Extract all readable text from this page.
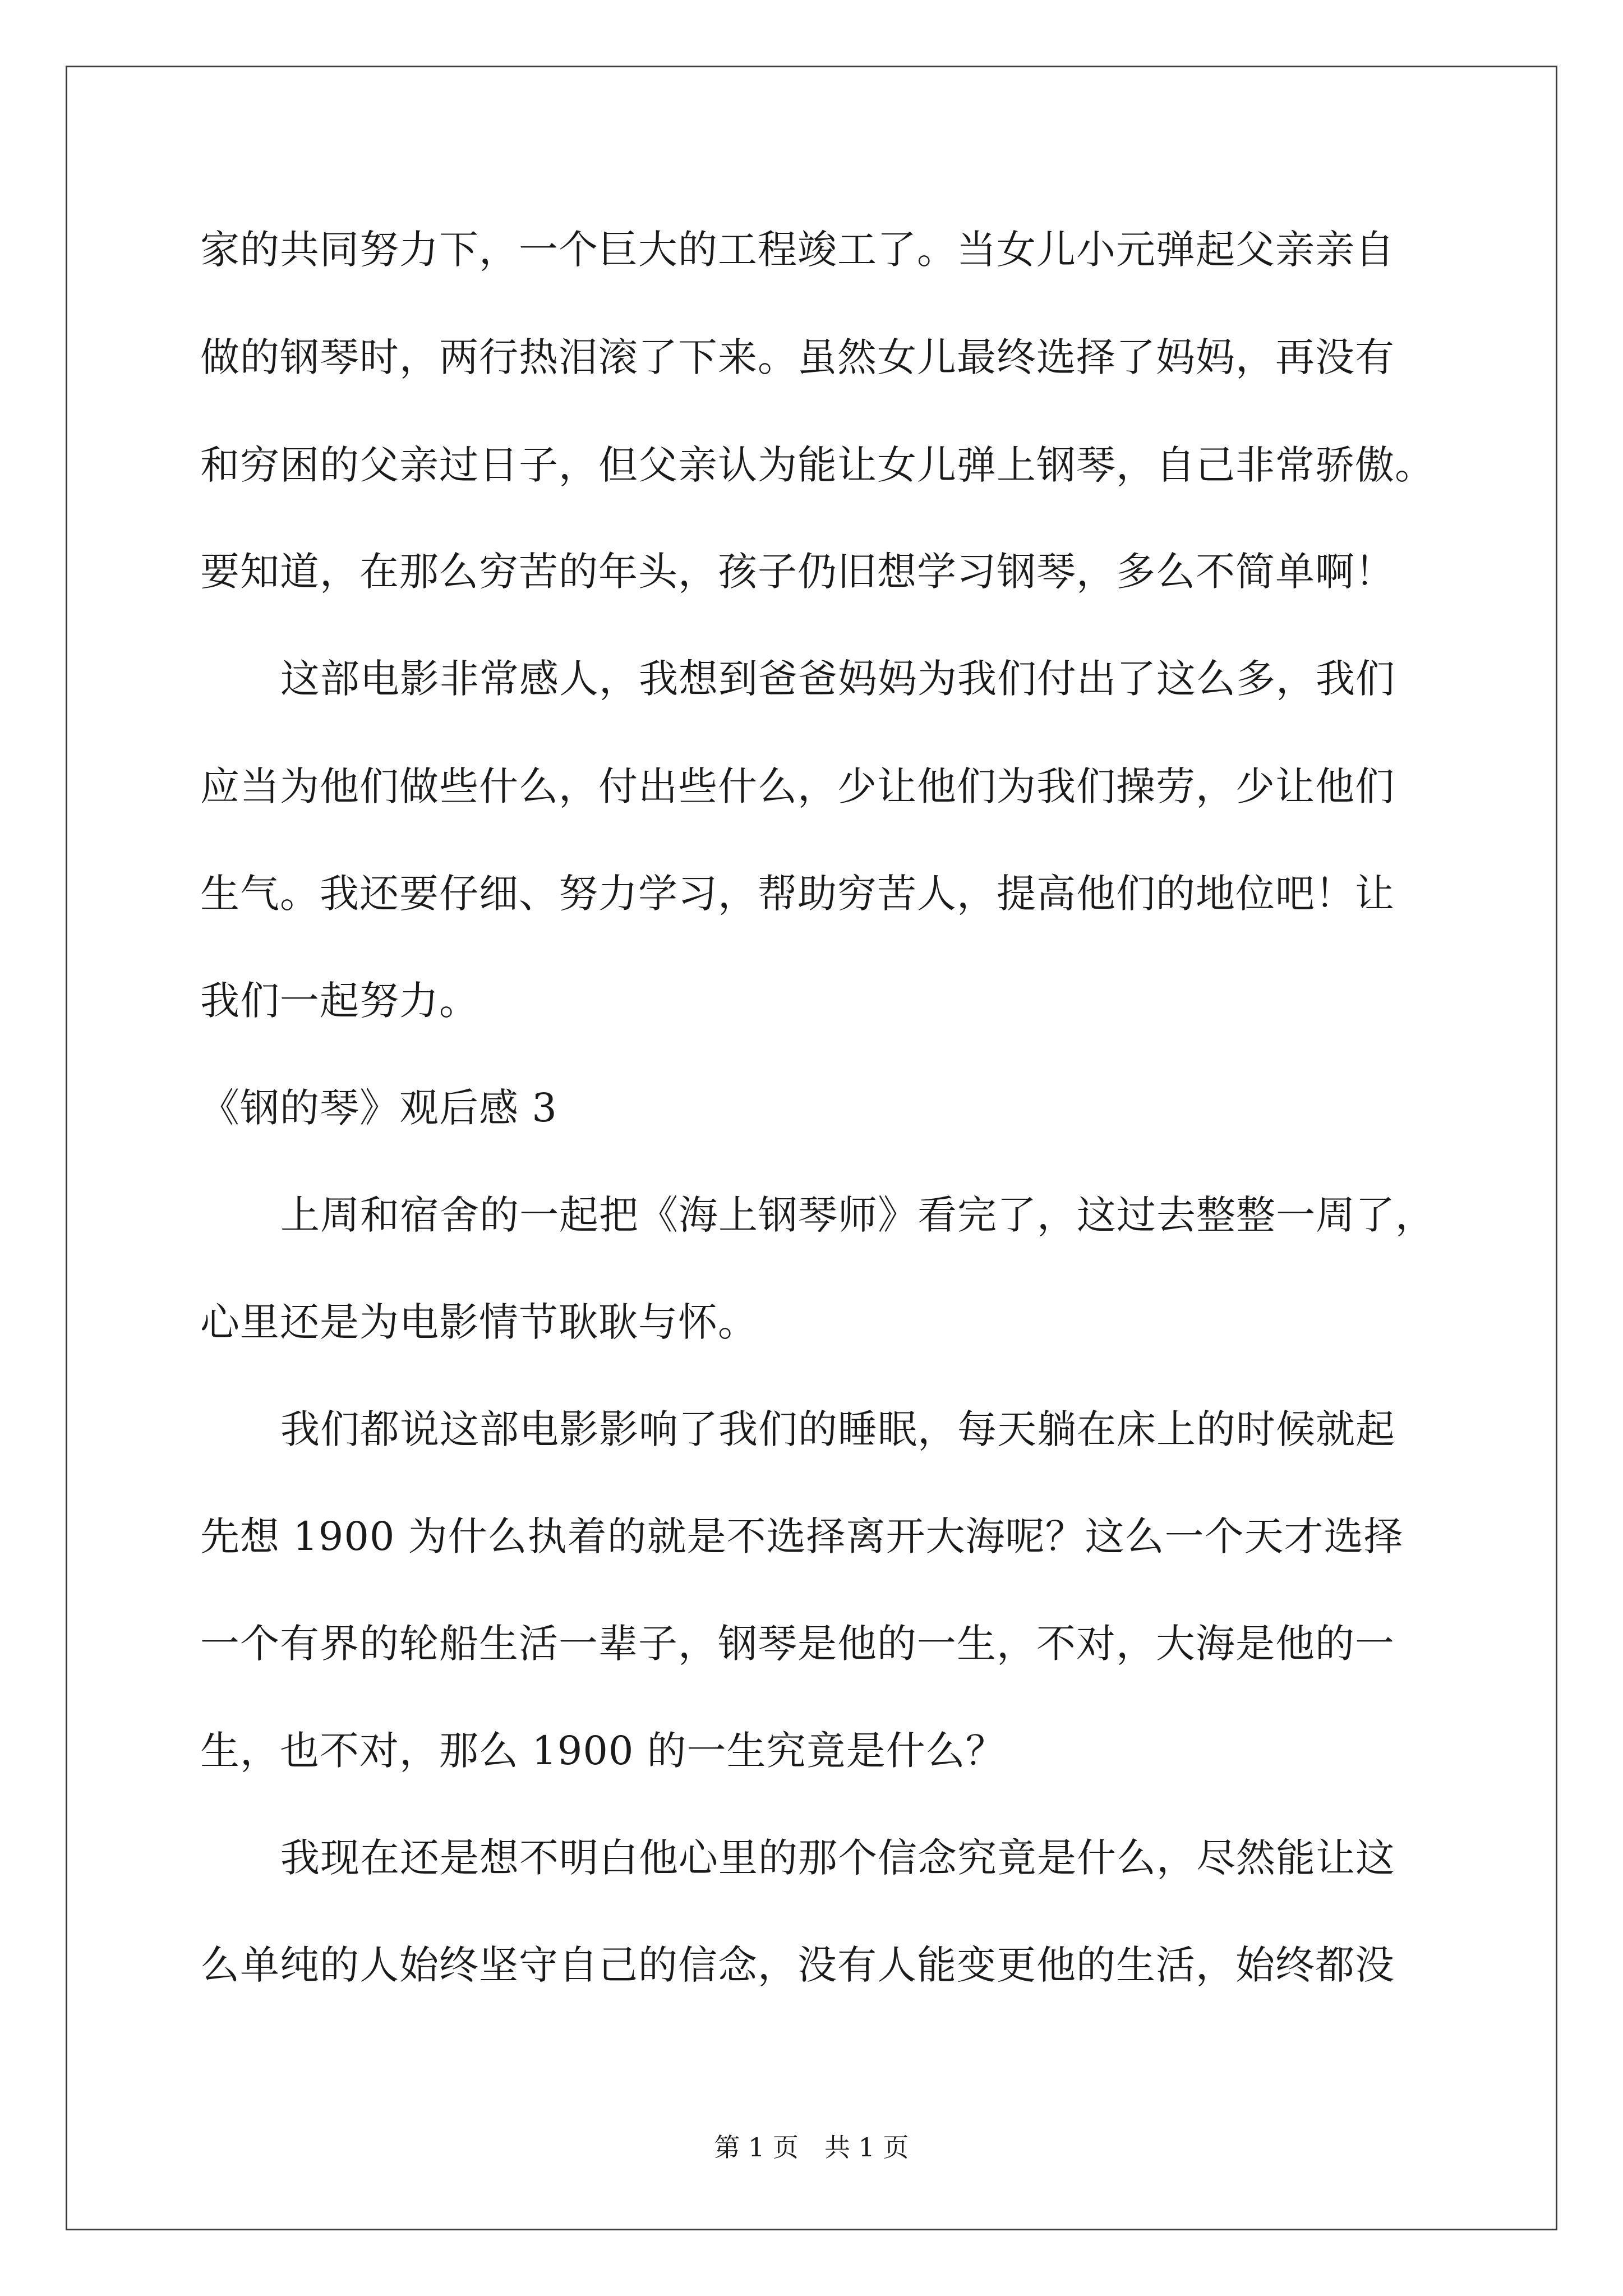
家的共同努力下，一个巨大的工程竣工了。当女儿小元弹起父亲亲自
做的钢琴时，两行热泪滚了下来。虽然女儿最终选择了妈妈，再没有
和穷困的父亲过日子，但父亲认为能让女儿弹上钢琴，自己非常骄傲。
要知道，在那么穷苦的年头，孩子仍旧想学习钢琴，多么不简单啊！
这部电影非常感人，我想到爸爸妈妈为我们付出了这么多，我们
应当为他们做些什么，付出些什么，少让他们为我们操劳，少让他们
生气。我还要仔细、努力学习，帮助穷苦人，提高他们的地位吧！让
我们一起努力。
《钢的琴》观后感 3
上周和宿舍的一起把《海上钢琴师》看完了，这过去整整一周了，
心里还是为电影情节耿耿与怀。
我们都说这部电影影响了我们的睡眠，每天躺在床上的时候就起
先想 1900 为什么执着的就是不选择离开大海呢？这么一个天才选择
一个有界的轮船生活一辈子，钢琴是他的一生，不对，大海是他的一
生，也不对，那么 1900 的一生究竟是什么？
我现在还是想不明白他心里的那个信念究竟是什么，尽然能让这
么单纯的人始终坚守自己的信念，没有人能变更他的生活，始终都没
第 1 页　共 1 页
